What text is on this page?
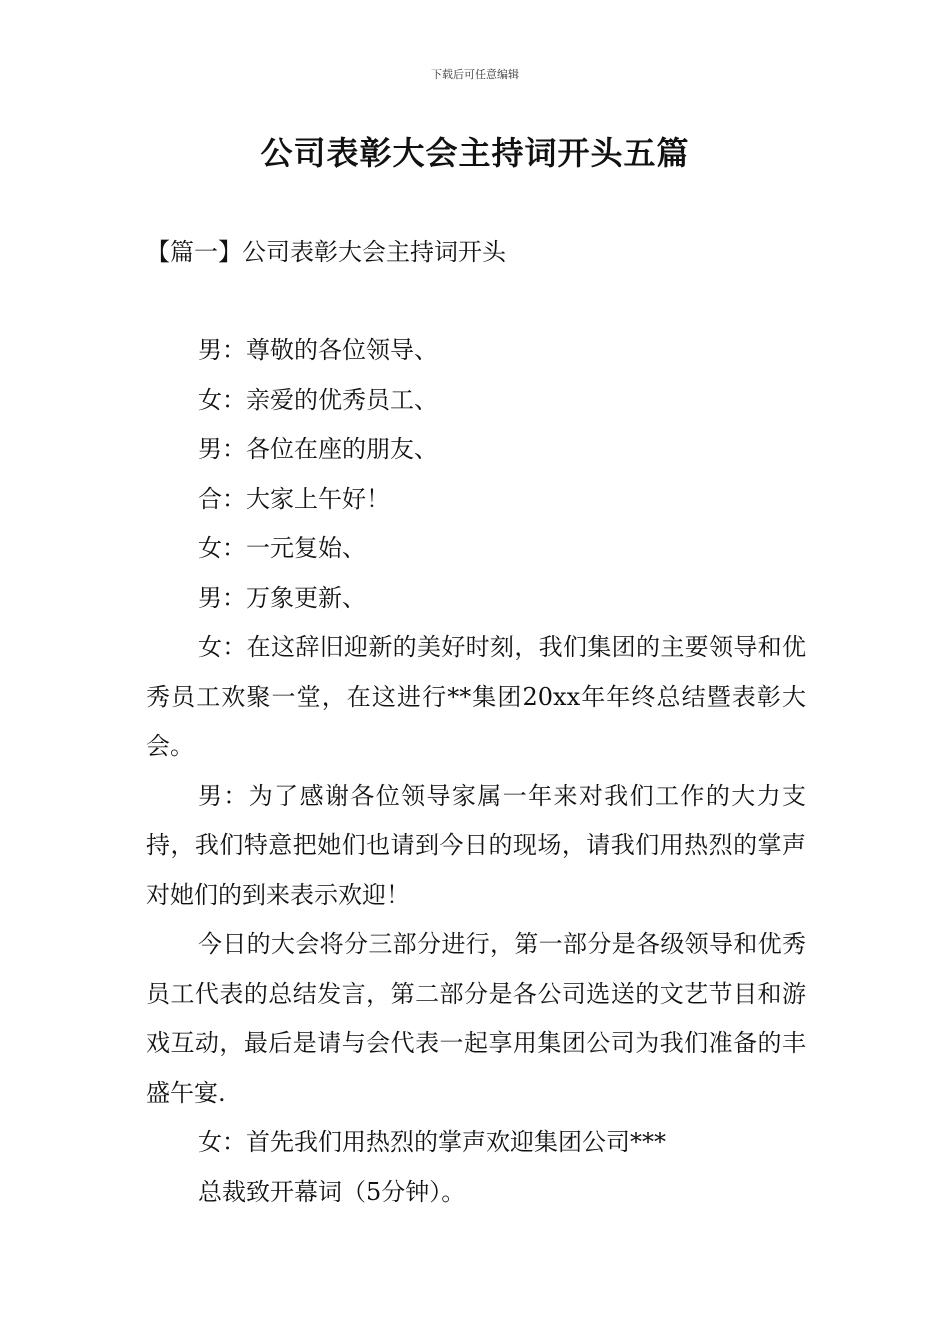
下载后可任意编辑
公司表彰大会主持词开头五篇
【篇一】公司表彰大会主持词开头
男：尊敬的各位领导、
女：亲爱的优秀员工、
男：各位在座的朋友、
合：大家上午好！
女：一元复始、
男：万象更新、
女：在这辞旧迎新的美好时刻，我们集团的主要领导和优秀员工欢聚一堂，在这进行**集团20xx年年终总结暨表彰大会。
男：为了感谢各位领导家属一年来对我们工作的大力支持，我们特意把她们也请到今日的现场，请我们用热烈的掌声对她们的到来表示欢迎！
今日的大会将分三部分进行，第一部分是各级领导和优秀员工代表的总结发言，第二部分是各公司选送的文艺节目和游戏互动，最后是请与会代表一起享用集团公司为我们准备的丰盛午宴.
女：首先我们用热烈的掌声欢迎集团公司***
总裁致开幕词（5分钟）。
